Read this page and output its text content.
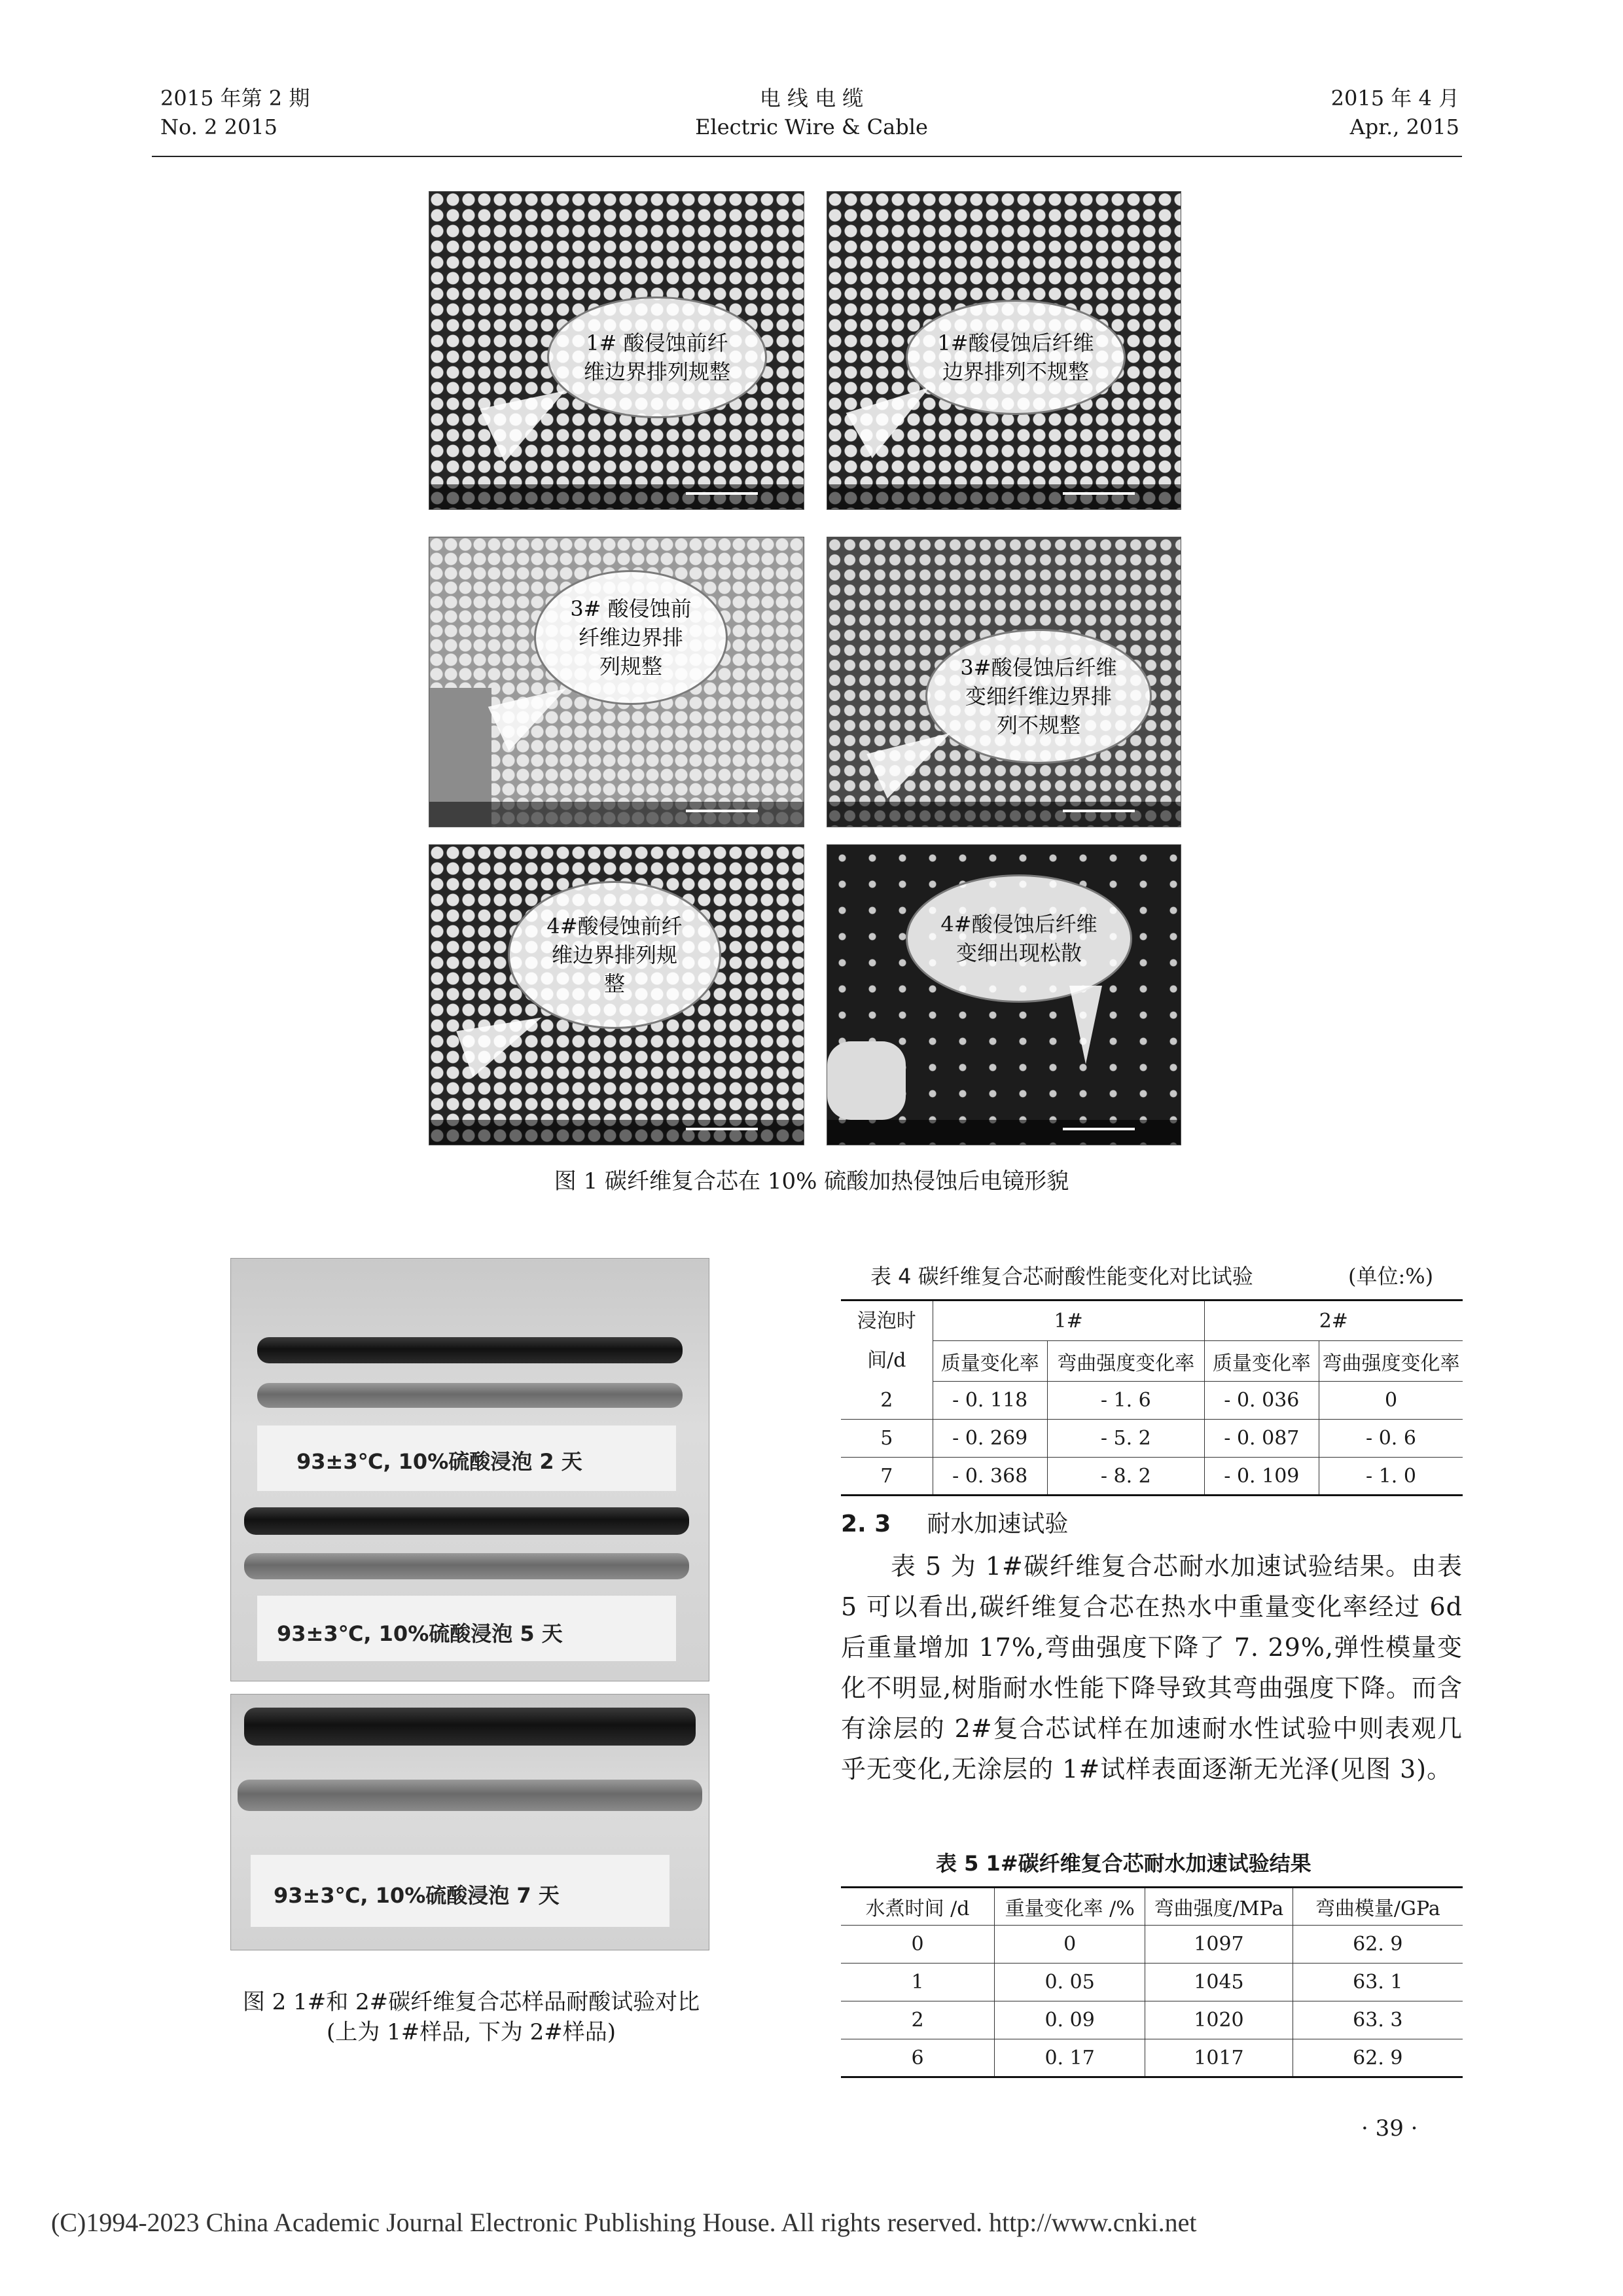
2015 年第 2 期
No. 2 2015
电 线 电 缆
Electric Wire & Cable
2015 年 4 月
Apr., 2015
1# 酸侵蚀前纤
维边界排列规整
1#酸侵蚀后纤维
边界排列不规整
3# 酸侵蚀前
纤维边界排
列规整	3#酸侵蚀后纤维
变细纤维边界排
列不规整
4#酸侵蚀前纤
维边界排列规
整
4#酸侵蚀后纤维
变细出现松散
图 1 碳纤维复合芯在 10% 硫酸加热侵蚀后电镜形貌
93±3℃, 10%硫酸浸泡 2 天
93±3℃, 10%硫酸浸泡 5 天
93±3℃, 10%硫酸浸泡 7 天
图 2 1#和 2#碳纤维复合芯样品耐酸试验对比
(上为 1#样品, 下为 2#样品)
表 4 碳纤维复合芯耐酸性能变化对比试验	(单位:%)
浸泡时
间/d	1#		2#	
	质量变化率	弯曲强度变化率	质量变化率	弯曲强度变化率
2	- 0. 118	- 1. 6	- 0. 036	0
5	- 0. 269	- 5. 2	- 0. 087	- 0. 6
7	- 0. 368	- 8. 2	- 0. 109	- 1. 0
2. 3 耐水加速试验
表 5 为 1#碳纤维复合芯耐水加速试验结果。由表 5 可以看出,碳纤维复合芯在热水中重量变化率经过 6d 后重量增加 17%,弯曲强度下降了 7. 29%,弹性模量变化不明显,树脂耐水性能下降导致其弯曲强度下降。而含有涂层的 2#复合芯试样在加速耐水性试验中则表观几乎无变化,无涂层的 1#试样表面逐渐无光泽(见图 3)。
表 5 1#碳纤维复合芯耐水加速试验结果
水煮时间 /d	重量变化率 /%	弯曲强度/MPa	弯曲模量/GPa
0	0	1097	62. 9
1	0. 05	1045	63. 1
2	0. 09	1020	63. 3
6	0. 17	1017	62. 9
· 39 ·
(C)1994-2023 China Academic Journal Electronic Publishing House. All rights reserved. http://www.cnki.net
